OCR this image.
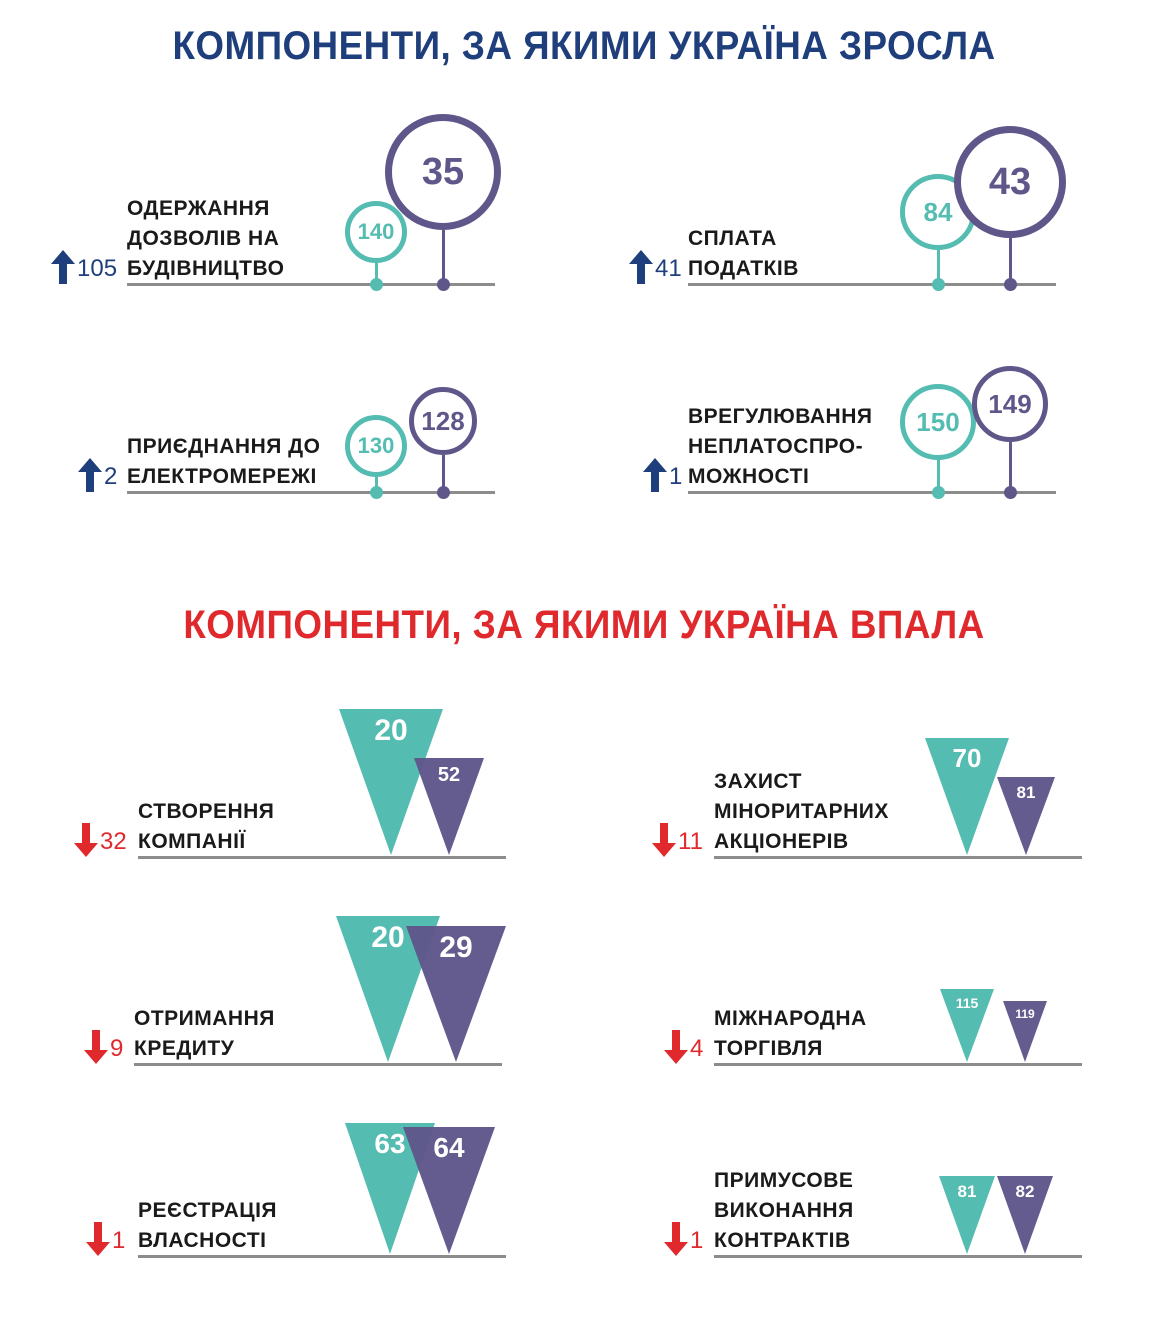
КОМПОНЕНТИ, ЗА ЯКИМИ УКРАЇНА ЗРОСЛА
КОМПОНЕНТИ, ЗА ЯКИМИ УКРАЇНА ВПАЛА
ОДЕРЖАННЯ
ДОЗВОЛІВ НА
БУДІВНИЦТВО
105
140
35
СПЛАТА
ПОДАТКІВ
41
84
43
ПРИЄДНАННЯ ДО
ЕЛЕКТРОМЕРЕЖІ
2
130
128	ВРЕГУЛЮВАННЯ
НЕПЛАТОСПРО-
МОЖНОСТІ
1
150
149
СТВОРЕННЯ
КОМПАНІЇ
32
20
52	ЗАХИСТ
МІНОРИТАРНИХ
АКЦІОНЕРІВ
11
70
81
ОТРИМАННЯ
КРЕДИТУ
9
20	29
МІЖНАРОДНА
ТОРГІВЛЯ
4
115
119
РЕЄСТРАЦІЯ
ВЛАСНОСТІ
1
63 64
ПРИМУСОВЕ
ВИКОНАННЯ
КОНТРАКТІВ
1
81	82
